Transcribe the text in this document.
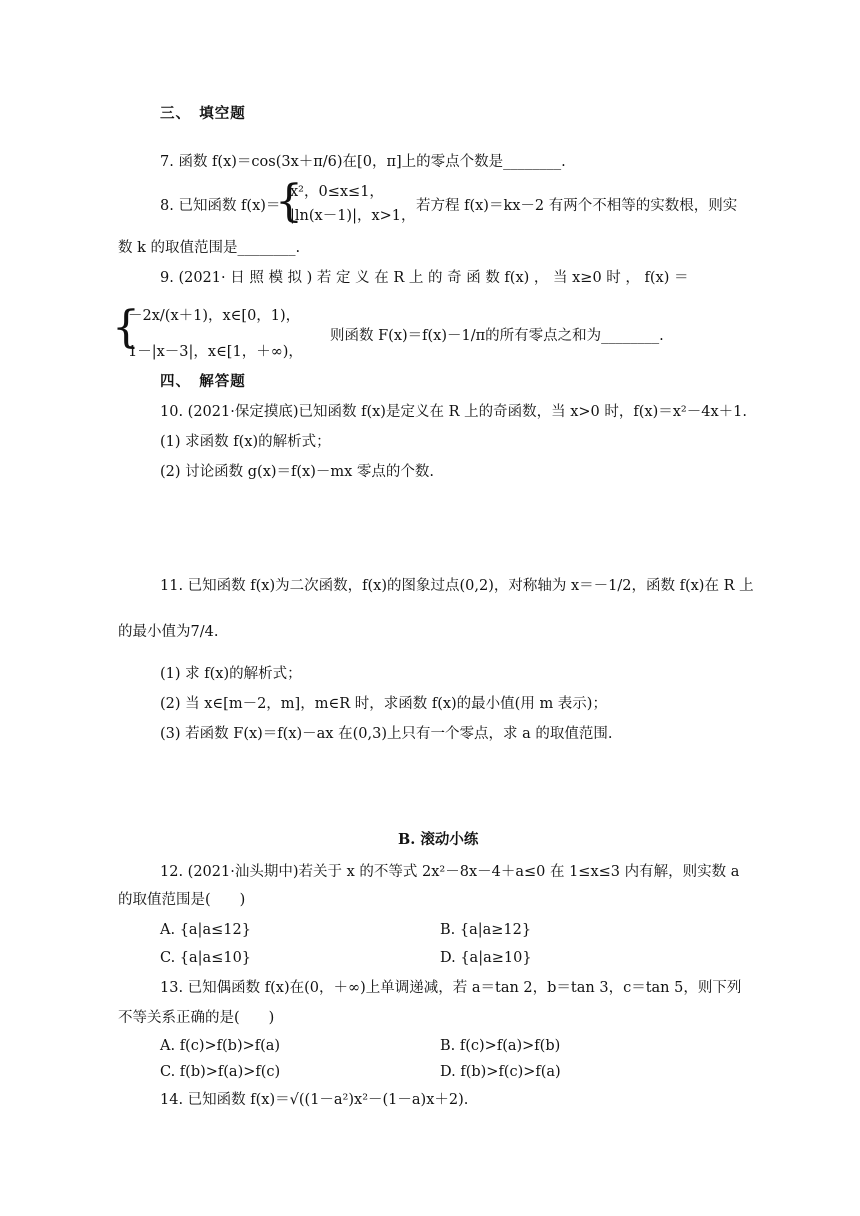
三、　填空题
7. 函数 f(x)＝cos(3x＋π/6)在[0，π]上的零点个数是________.
8. 已知函数 f(x)＝
{
x²，0≤x≤1，
|ln(x－1)|，x>1，
若方程 f(x)＝kx－2 有两个不相等的实数根，则实
数 k 的取值范围是________.
9. (2021· 日 照 模 拟 ) 若 定 义 在 R 上 的 奇 函 数 f(x) ， 当 x≥0 时 ， f(x) ＝
{
－2x/(x＋1)，x∈[0，1)，
1－|x－3|，x∈[1，＋∞)，
则函数 F(x)＝f(x)－1/π的所有零点之和为________.
四、　解答题
10. (2021·保定摸底)已知函数 f(x)是定义在 R 上的奇函数，当 x>0 时，f(x)＝x²－4x＋1.
(1) 求函数 f(x)的解析式；
(2) 讨论函数 g(x)＝f(x)－mx 零点的个数.
11. 已知函数 f(x)为二次函数，f(x)的图象过点(0,2)，对称轴为 x＝－1/2，函数 f(x)在 R 上
的最小值为7/4.
(1) 求 f(x)的解析式；
(2) 当 x∈[m－2，m]，m∈R 时，求函数 f(x)的最小值(用 m 表示)；
(3) 若函数 F(x)＝f(x)－ax 在(0,3)上只有一个零点，求 a 的取值范围.
B. 滚动小练
12. (2021·汕头期中)若关于 x 的不等式 2x²－8x－4＋a≤0 在 1≤x≤3 内有解，则实数 a
的取值范围是(　　)
A. {a|a≤12}	B. {a|a≥12}
C. {a|a≤10}	D. {a|a≥10}
13. 已知偶函数 f(x)在(0，＋∞)上单调递减，若 a＝tan 2，b＝tan 3，c＝tan 5，则下列
不等关系正确的是(　　)
A. f(c)>f(b)>f(a)	B. f(c)>f(a)>f(b)
C. f(b)>f(a)>f(c)	D. f(b)>f(c)>f(a)
14. 已知函数 f(x)＝√((1－a²)x²－(1－a)x＋2).
